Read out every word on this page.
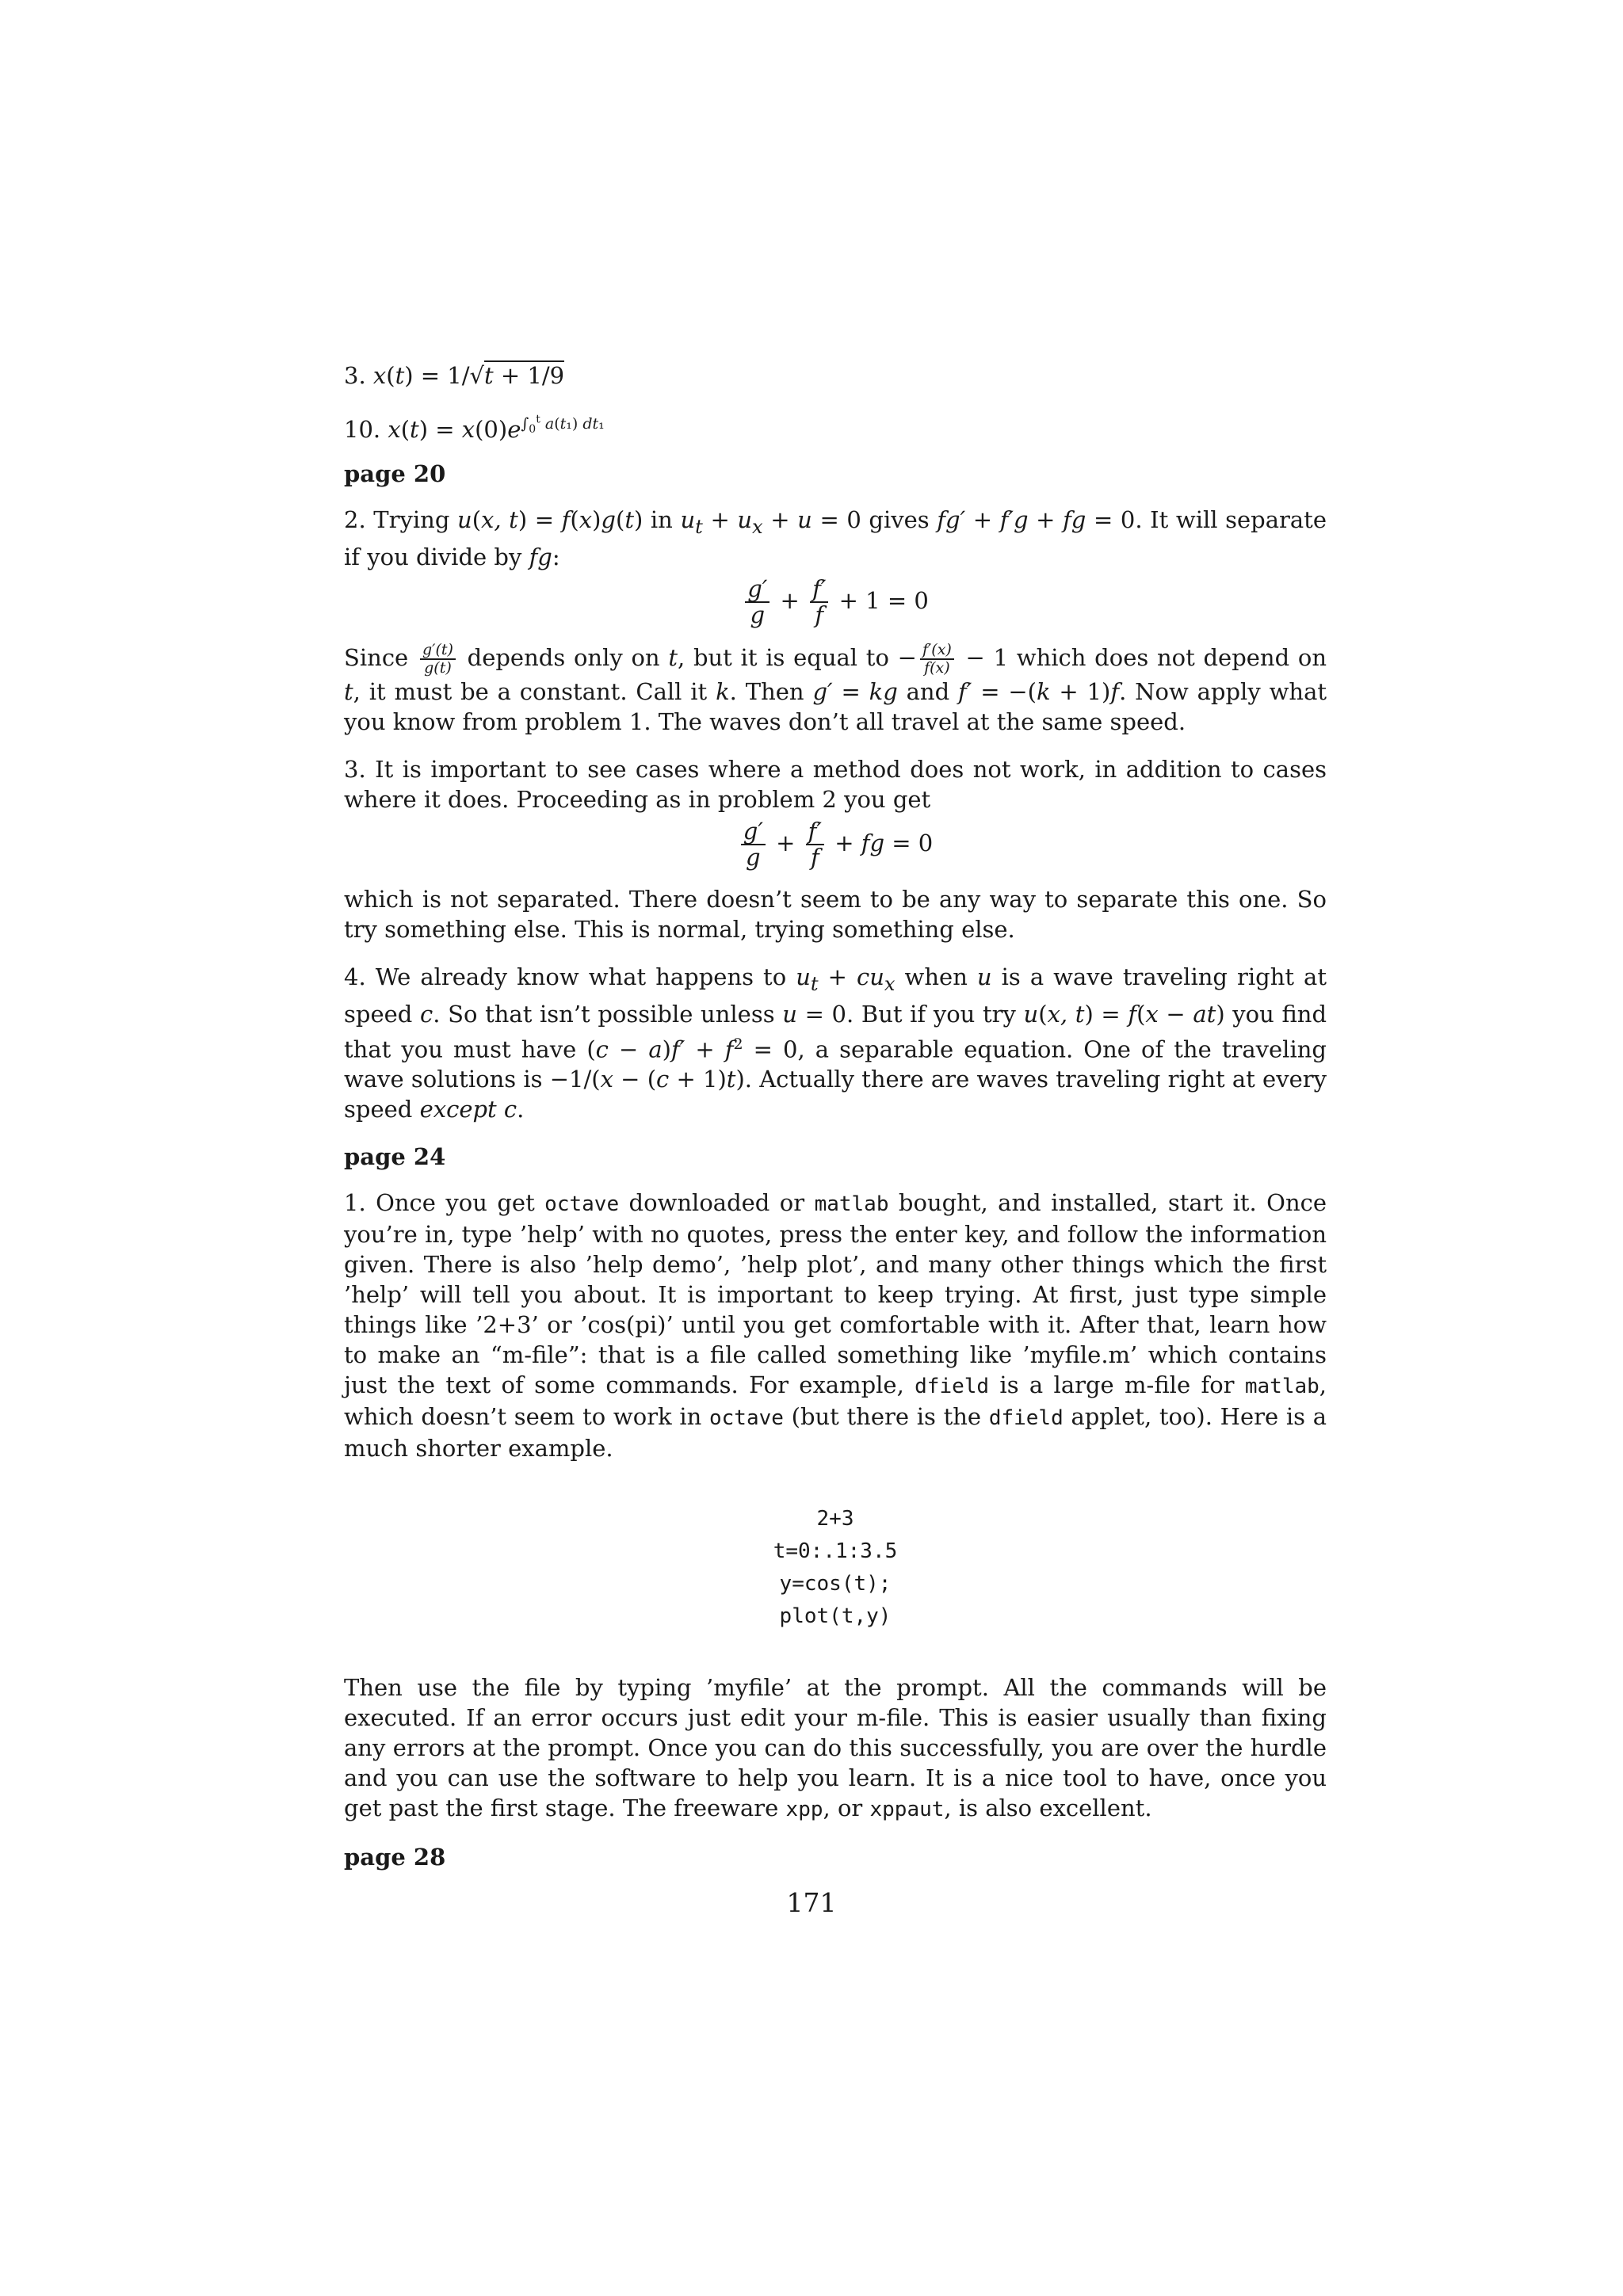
3. x(t) = 1/√t + 1/9
10. $x(t) = x(0)e^{\int_0^t a(t_1) dt_1}$
page 20
2. Trying u(x, t) = f(x)g(t) in $u_t + u_x + u = 0$ gives fg′ + f′g + fg = 0. It will separate if you divide by fg:
$\frac{g'}{g} + \frac{f'}{f} + 1 = 0$
Since $\frac{g'(t)}{g(t)}$ depends only on t, but it is equal to − $\frac{f'(x)}{f(x)} - 1$ which does not depend on t, it must be a constant. Call it k. Then g′ = kg and f′ = −(k + 1)f. Now apply what you know from problem 1. The waves don’t all travel at the same speed.
3. It is important to see cases where a method does not work, in addition to cases where it does. Proceeding as in problem 2 you get
$\frac{g'}{g} + \frac{f'}{f}$ + fg = 0
which is not separated. There doesn’t seem to be any way to separate this one. So try something else. This is normal, trying something else.
4. We already know what happens to $u_t + cu_x$ when u is a wave traveling right at speed c. So that isn’t possible unless u = 0. But if you try u(x, t) = f(x − at) you find that you must have $(c - a)f' + f^2 = 0$, a separable equation. One of the traveling wave solutions is −1/(x − (c + 1)t). Actually there are waves traveling right at every speed except c.
page 24
1. Once you get octave downloaded or matlab bought, and installed, start it. Once you’re in, type ’help’ with no quotes, press the enter key, and follow the information given. There is also ’help demo’, ’help plot’, and many other things which the first ’help’ will tell you about. It is important to keep trying. At first, just type simple things like ’2+3’ or ’cos(pi)’ until you get comfortable with it. After that, learn how to make an “m-file”: that is a file called something like ’myfile.m’ which contains just the text of some commands. For example, dfield is a large m-file for matlab, which doesn’t seem to work in octave (but there is the dfield applet, too). Here is a much shorter example.
2+3
t=0:.1:3.5
y=cos(t);
plot(t,y)
Then use the file by typing ’myfile’ at the prompt. All the commands will be executed. If an error occurs just edit your m-file. This is easier usually than fixing any errors at the prompt. Once you can do this successfully, you are over the hurdle and you can use the software to help you learn. It is a nice tool to have, once you get past the first stage. The freeware xpp, or xppaut, is also excellent.
page 28
171
